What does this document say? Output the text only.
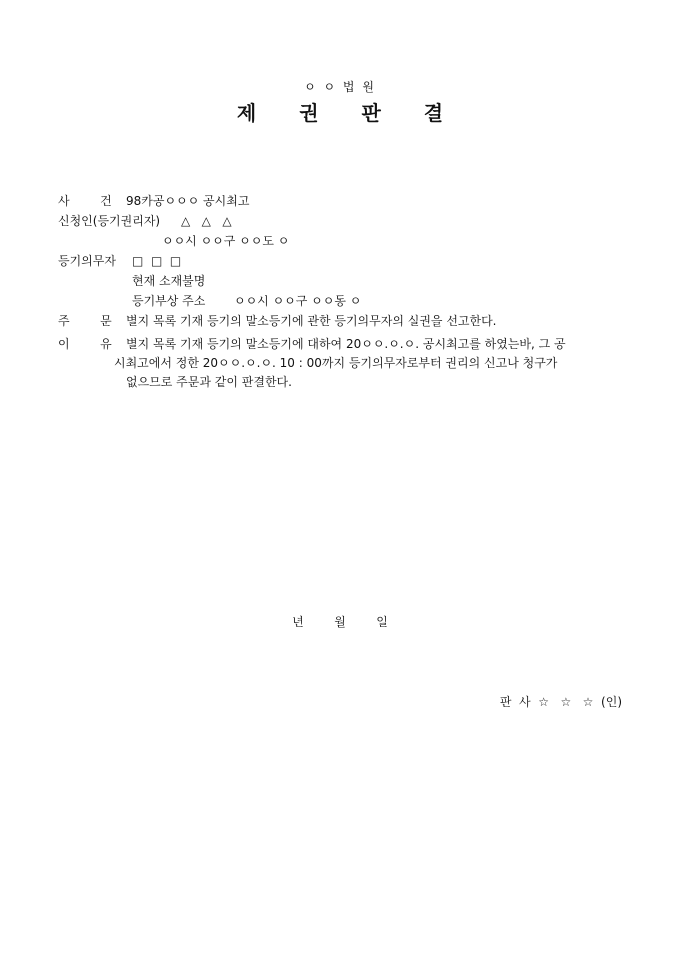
ㅇ ㅇ 법 원
제 권 판 결
사        건 98카공ㅇㅇㅇ 공시최고
신청인(등기권리자) △   △   △
ㅇㅇ시 ㅇㅇ구 ㅇㅇ도 ㅇ
등기의무자 □  □  □
현재 소재불명
등기부상 주소 ㅇㅇ시 ㅇㅇ구 ㅇㅇ동 ㅇ
주        문 별지 목록 기재 등기의 말소등기에 관한 등기의무자의 실권을 선고한다.
이        유 별지 목록 기재 등기의 말소등기에 대하여 20ㅇㅇ.ㅇ.ㅇ. 공시최고를 하였는바, 그 공
시최고에서 정한 20ㅇㅇ.ㅇ.ㅇ. 10 : 00까지 등기의무자로부터 권리의 신고나 청구가
없으므로 주문과 같이 판결한다.
년        월        일
판  사  ☆   ☆   ☆  (인)
